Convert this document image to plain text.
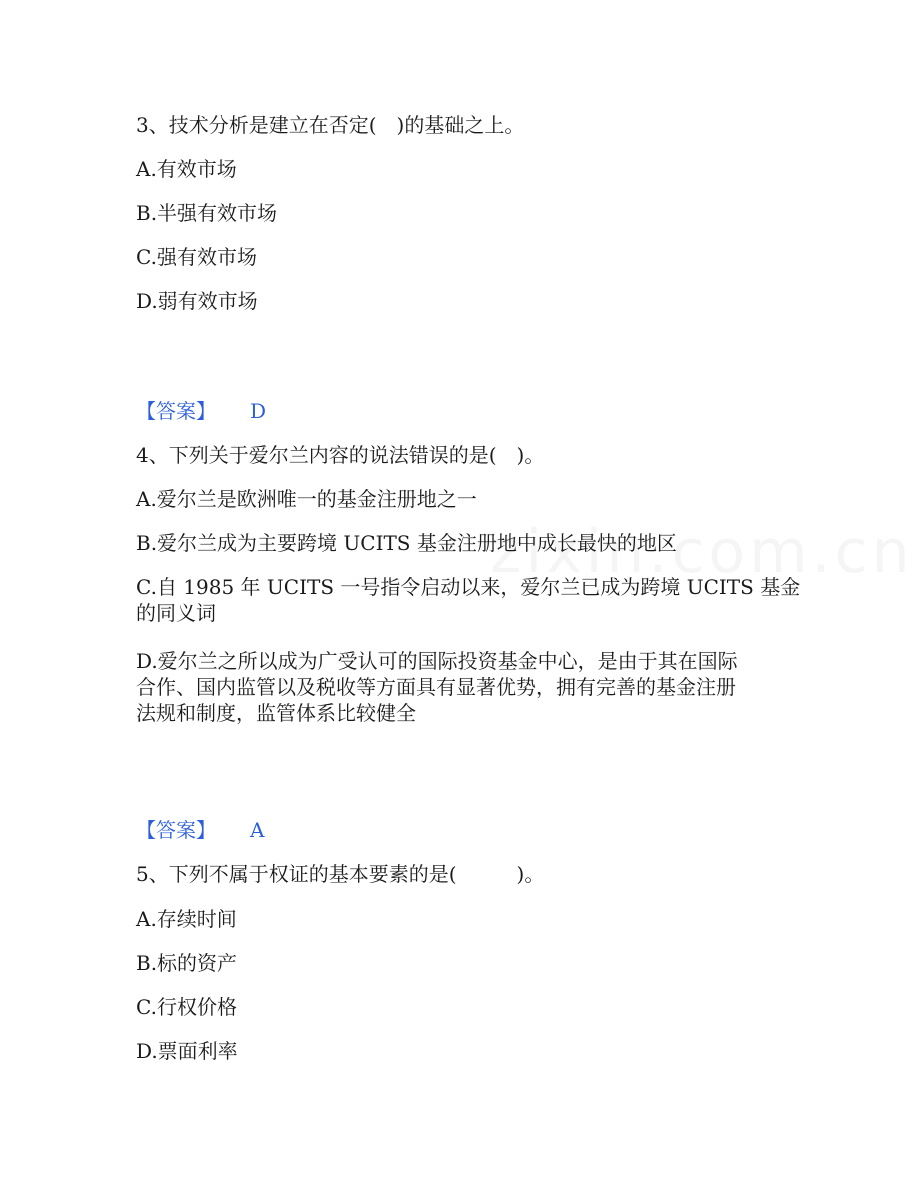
3、技术分析是建立在否定(　)的基础之上。
A.有效市场
B.半强有效市场
C.强有效市场
D.弱有效市场
【答案】 D
4、下列关于爱尔兰内容的说法错误的是(　)。
A.爱尔兰是欧洲唯一的基金注册地之一
B.爱尔兰成为主要跨境 UCITS 基金注册地中成长最快的地区
C.自 1985 年 UCITS 一号指令启动以来，爱尔兰已成为跨境 UCITS 基金
的同义词
D.爱尔兰之所以成为广受认可的国际投资基金中心，是由于其在国际
合作、国内监管以及税收等方面具有显著优势，拥有完善的基金注册
法规和制度，监管体系比较健全
【答案】 A
5、下列不属于权证的基本要素的是(　　　)。
A.存续时间
B.标的资产
C.行权价格
D.票面利率
